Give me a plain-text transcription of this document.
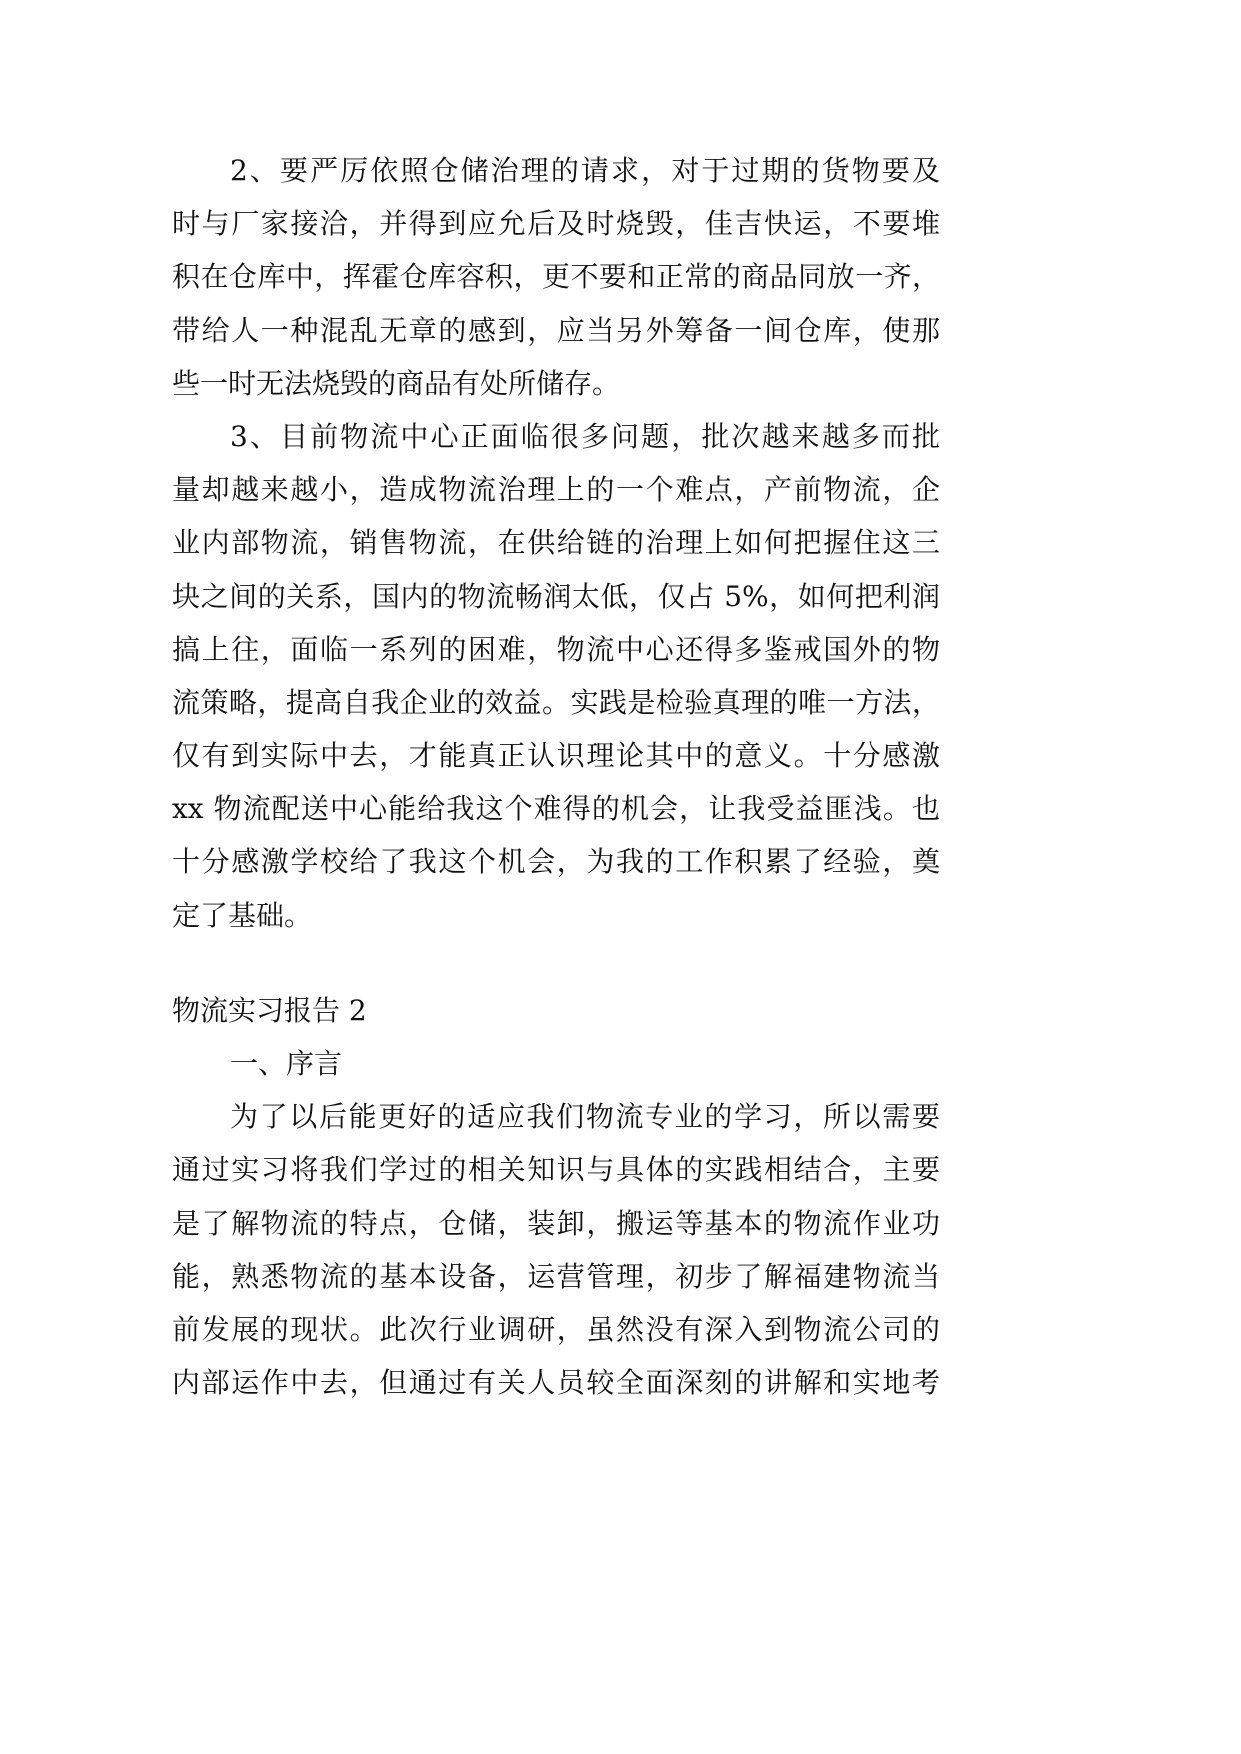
2、要严厉依照仓储治理的请求，对于过期的货物要及
时与厂家接洽，并得到应允后及时烧毁，佳吉快运，不要堆
积在仓库中，挥霍仓库容积，更不要和正常的商品同放一齐，
带给人一种混乱无章的感到，应当另外筹备一间仓库，使那
些一时无法烧毁的商品有处所储存。
3、目前物流中心正面临很多问题，批次越来越多而批
量却越来越小，造成物流治理上的一个难点，产前物流，企
业内部物流，销售物流，在供给链的治理上如何把握住这三
块之间的关系，国内的物流畅润太低，仅占 5%，如何把利润
搞上往，面临一系列的困难，物流中心还得多鉴戒国外的物
流策略，提高自我企业的效益。实践是检验真理的唯一方法，
仅有到实际中去，才能真正认识理论其中的意义。十分感激
xx 物流配送中心能给我这个难得的机会，让我受益匪浅。也
十分感激学校给了我这个机会，为我的工作积累了经验，奠
定了基础。
物流实习报告 2
一、序言
为了以后能更好的适应我们物流专业的学习，所以需要
通过实习将我们学过的相关知识与具体的实践相结合，主要
是了解物流的特点，仓储，装卸，搬运等基本的物流作业功
能，熟悉物流的基本设备，运营管理，初步了解福建物流当
前发展的现状。此次行业调研，虽然没有深入到物流公司的
内部运作中去，但通过有关人员较全面深刻的讲解和实地考
